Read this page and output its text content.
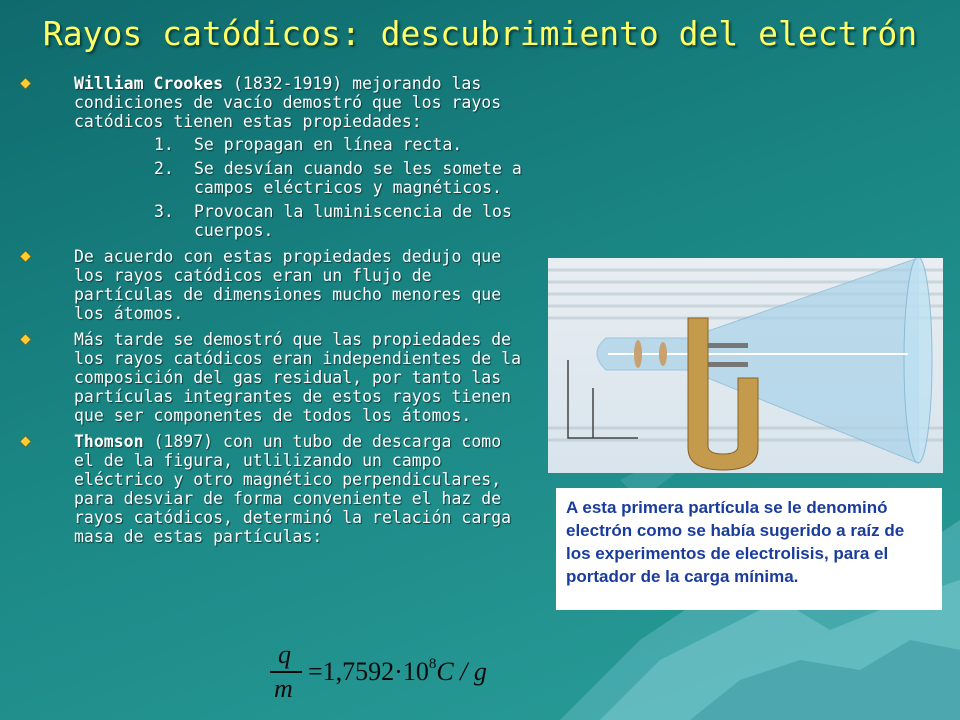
Rayos catódicos: descubrimiento del electrón
William Crookes (1832-1919) mejorando las condiciones de vacío demostró que los rayos catódicos tienen estas propiedades:
1. Se propagan en línea recta.
2. Se desvían cuando se les somete a campos eléctricos y magnéticos.
3. Provocan la luminiscencia de los cuerpos.
De acuerdo con estas propiedades dedujo que los rayos catódicos eran un flujo de partículas de dimensiones mucho menores que los átomos.
Más tarde se demostró que las propiedades de los rayos catódicos eran independientes de la composición del gas residual, por tanto las partículas integrantes de estos rayos tienen que ser componentes de todos los átomos.
Thomson (1897) con un tubo de descarga como el de la figura, utlilizando un campo eléctrico y otro magnético perpendiculares, para desviar de forma conveniente el haz de rayos catódicos, determinó la relación carga masa de estas partículas:
A esta primera partícula se le denominó electrón como se había sugerido a raíz de los experimentos de electrolisis, para el portador de la carga mínima.
q
m
$=1,7592\cdot 10^8C / g$
